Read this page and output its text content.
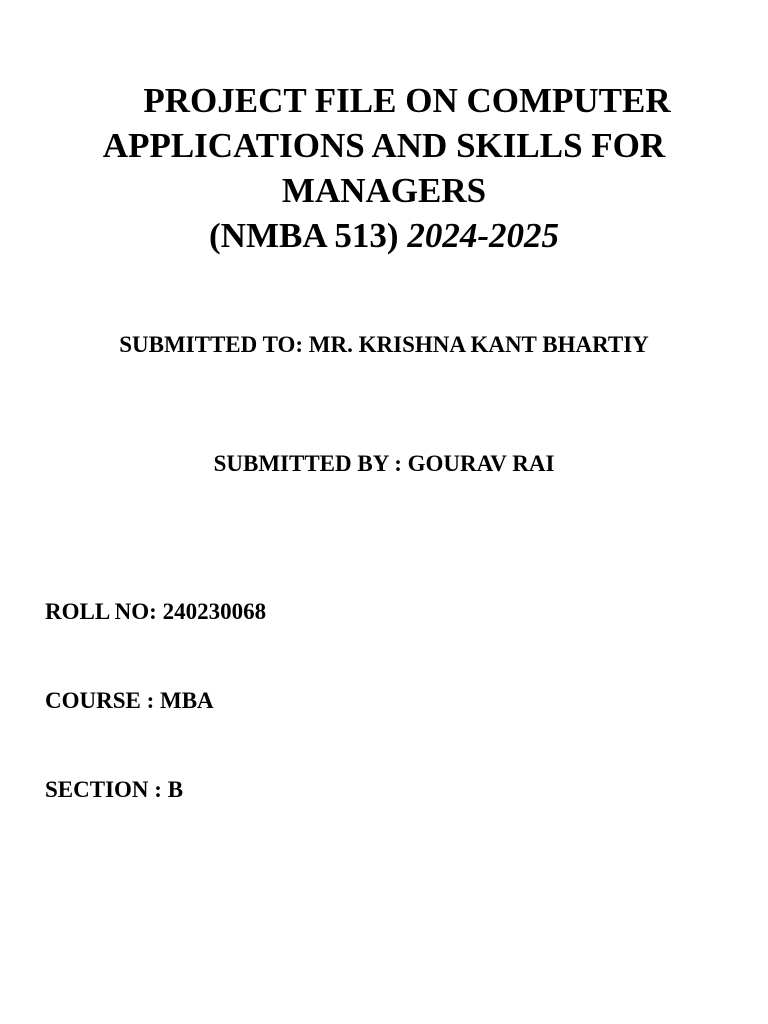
PROJECT FILE ON COMPUTER
APPLICATIONS AND SKILLS FOR
MANAGERS
(NMBA 513) 2024-2025
SUBMITTED TO: MR. KRISHNA KANT BHARTIY
SUBMITTED BY : GOURAV RAI
ROLL NO: 240230068
COURSE : MBA
SECTION : B
